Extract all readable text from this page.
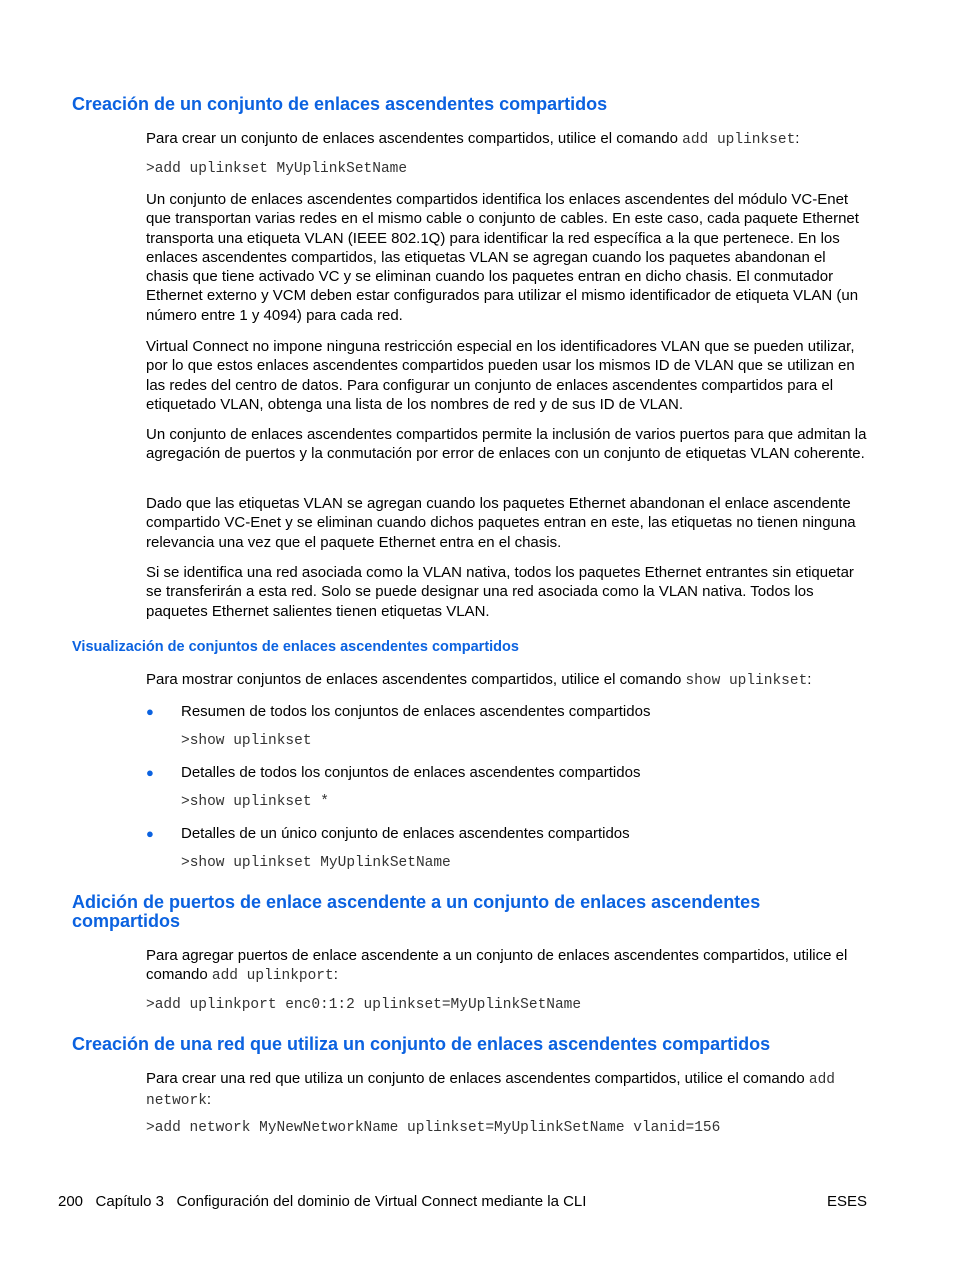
Creación de un conjunto de enlaces ascendentes compartidos

Para crear un conjunto de enlaces ascendentes compartidos, utilice el comando add uplinkset:

>add uplinkset MyUplinkSetName

Un conjunto de enlaces ascendentes compartidos identifica los enlaces ascendentes del módulo VC-Enet que transportan varias redes en el mismo cable o conjunto de cables. En este caso, cada paquete Ethernet transporta una etiqueta VLAN (IEEE 802.1Q) para identificar la red específica a la que pertenece. En los enlaces ascendentes compartidos, las etiquetas VLAN se agregan cuando los paquetes abandonan el chasis que tiene activado VC y se eliminan cuando los paquetes entran en dicho chasis. El conmutador Ethernet externo y VCM deben estar configurados para utilizar el mismo identificador de etiqueta VLAN (un número entre 1 y 4094) para cada red.

Virtual Connect no impone ninguna restricción especial en los identificadores VLAN que se pueden utilizar, por lo que estos enlaces ascendentes compartidos pueden usar los mismos ID de VLAN que se utilizan en las redes del centro de datos. Para configurar un conjunto de enlaces ascendentes compartidos para el etiquetado VLAN, obtenga una lista de los nombres de red y de sus ID de VLAN.

Un conjunto de enlaces ascendentes compartidos permite la inclusión de varios puertos para que admitan la agregación de puertos y la conmutación por error de enlaces con un conjunto de etiquetas VLAN coherente.

Dado que las etiquetas VLAN se agregan cuando los paquetes Ethernet abandonan el enlace ascendente compartido VC-Enet y se eliminan cuando dichos paquetes entran en este, las etiquetas no tienen ninguna relevancia una vez que el paquete Ethernet entra en el chasis.

Si se identifica una red asociada como la VLAN nativa, todos los paquetes Ethernet entrantes sin etiquetar se transferirán a esta red. Solo se puede designar una red asociada como la VLAN nativa. Todos los paquetes Ethernet salientes tienen etiquetas VLAN.

Visualización de conjuntos de enlaces ascendentes compartidos

Para mostrar conjuntos de enlaces ascendentes compartidos, utilice el comando show uplinkset:

● Resumen de todos los conjuntos de enlaces ascendentes compartidos
>show uplinkset
● Detalles de todos los conjuntos de enlaces ascendentes compartidos
>show uplinkset *
● Detalles de un único conjunto de enlaces ascendentes compartidos
>show uplinkset MyUplinkSetName
Adición de puertos de enlace ascendente a un conjunto de enlaces ascendentes compartidos

Para agregar puertos de enlace ascendente a un conjunto de enlaces ascendentes compartidos, utilice el comando add uplinkport:

>add uplinkport enc0:1:2 uplinkset=MyUplinkSetName
Creación de una red que utiliza un conjunto de enlaces ascendentes compartidos

Para crear una red que utiliza un conjunto de enlaces ascendentes compartidos, utilice el comando add network:

>add network MyNewNetworkName uplinkset=MyUplinkSetName vlanid=156
200 Capítulo 3 Configuración del dominio de Virtual Connect mediante la CLI	ESES
